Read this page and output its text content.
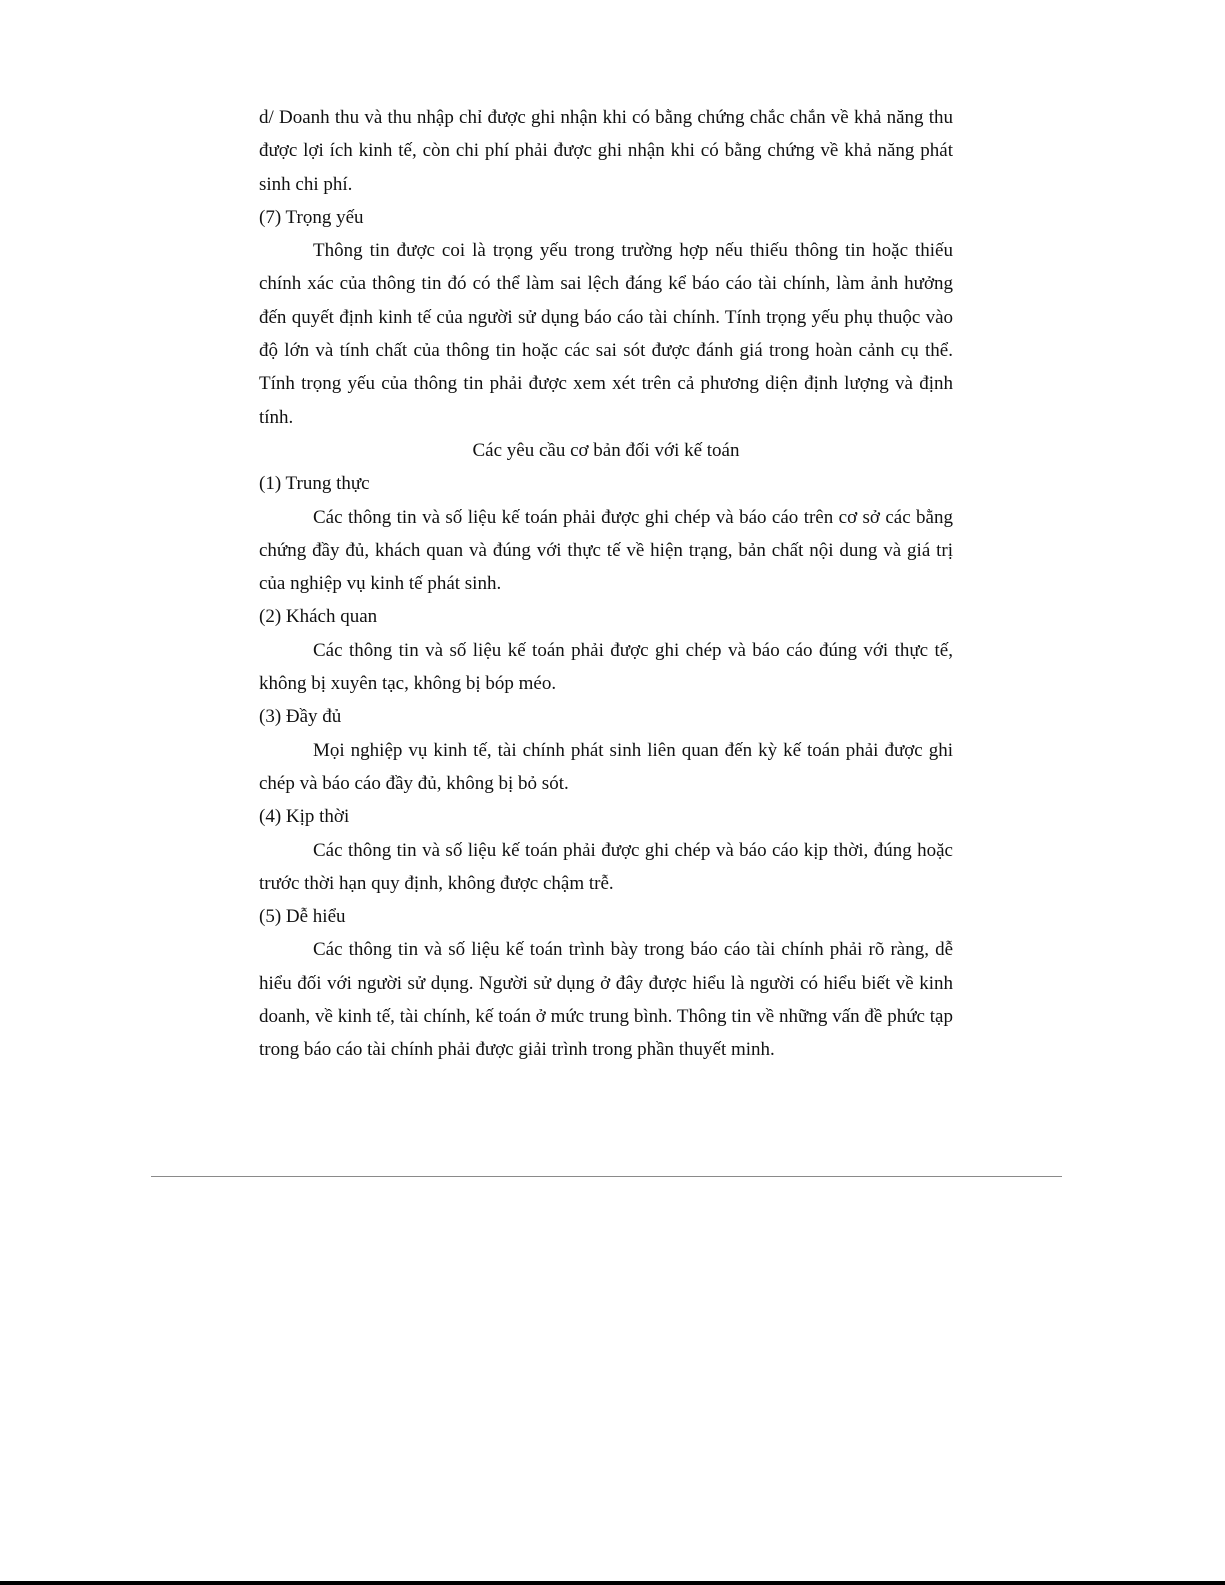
d/ Doanh thu và thu nhập chỉ được ghi nhận khi có bằng chứng chắc chắn về khả năng thu được lợi ích kinh tế, còn chi phí phải được ghi nhận khi có bằng chứng về khả năng phát sinh chi phí.

(7) Trọng yếu

Thông tin được coi là trọng yếu trong trường hợp nếu thiếu thông tin hoặc thiếu chính xác của thông tin đó có thể làm sai lệch đáng kể báo cáo tài chính, làm ảnh hưởng đến quyết định kinh tế của người sử dụng báo cáo tài chính. Tính trọng yếu phụ thuộc vào độ lớn và tính chất của thông tin hoặc các sai sót được đánh giá trong hoàn cảnh cụ thể. Tính trọng yếu của thông tin phải được xem xét trên cả phương diện định lượng và định tính.

Các yêu cầu cơ bản đối với kế toán

(1) Trung thực

Các thông tin và số liệu kế toán phải được ghi chép và báo cáo trên cơ sở các bằng chứng đầy đủ, khách quan và đúng với thực tế về hiện trạng, bản chất nội dung và giá trị của nghiệp vụ kinh tế phát sinh.

(2) Khách quan

Các thông tin và số liệu kế toán phải được ghi chép và báo cáo đúng với thực tế, không bị xuyên tạc, không bị bóp méo.

(3) Đầy đủ

Mọi nghiệp vụ kinh tế, tài chính phát sinh liên quan đến kỳ kế toán phải được ghi chép và báo cáo đầy đủ, không bị bỏ sót.

(4) Kịp thời

Các thông tin và số liệu kế toán phải được ghi chép và báo cáo kịp thời, đúng hoặc trước thời hạn quy định, không được chậm trễ.

(5) Dễ hiểu

Các thông tin và số liệu kế toán trình bày trong báo cáo tài chính phải rõ ràng, dễ hiểu đối với người sử dụng. Người sử dụng ở đây được hiểu là người có hiểu biết về kinh doanh, về kinh tế, tài chính, kế toán ở mức trung bình. Thông tin về những vấn đề phức tạp trong báo cáo tài chính phải được giải trình trong phần thuyết minh.
